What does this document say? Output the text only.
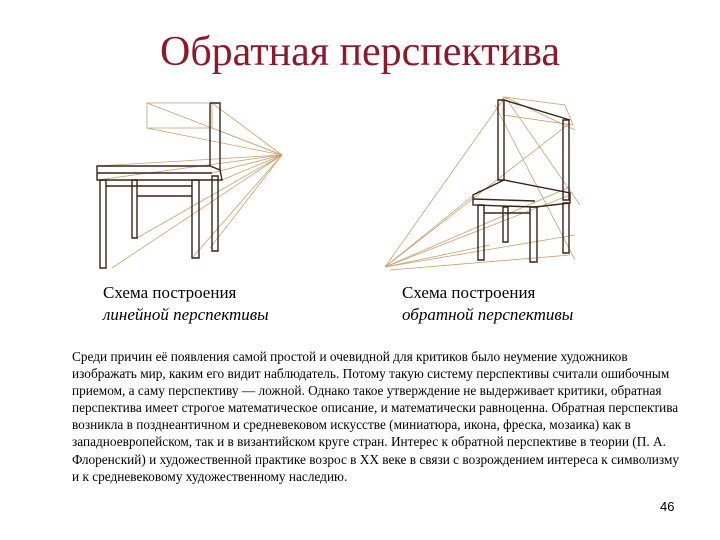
Обратная перспектива
Схема построения
линейной перспективы
Схема построения
обратной перспективы
Среди причин её появления самой простой и очевидной для критиков было неумение художников изображать мир, каким его видит наблюдатель. Потому такую систему перспективы считали ошибочным приемом, а саму перспективу — ложной. Однако такое утверждение не выдерживает критики, обратная перспектива имеет строгое математическое описание, и математически равноценна. Обратная перспектива возникла в позднеантичном и средневековом искусстве (миниатюра, икона, фреска, мозаика) как в западноевропейском, так и в византийском круге стран. Интерес к обратной перспективе в теории (П. А. Флоренский) и художественной практике возрос в XX веке в связи с возрождением интереса к символизму и к средневековому художественному наследию.
46
